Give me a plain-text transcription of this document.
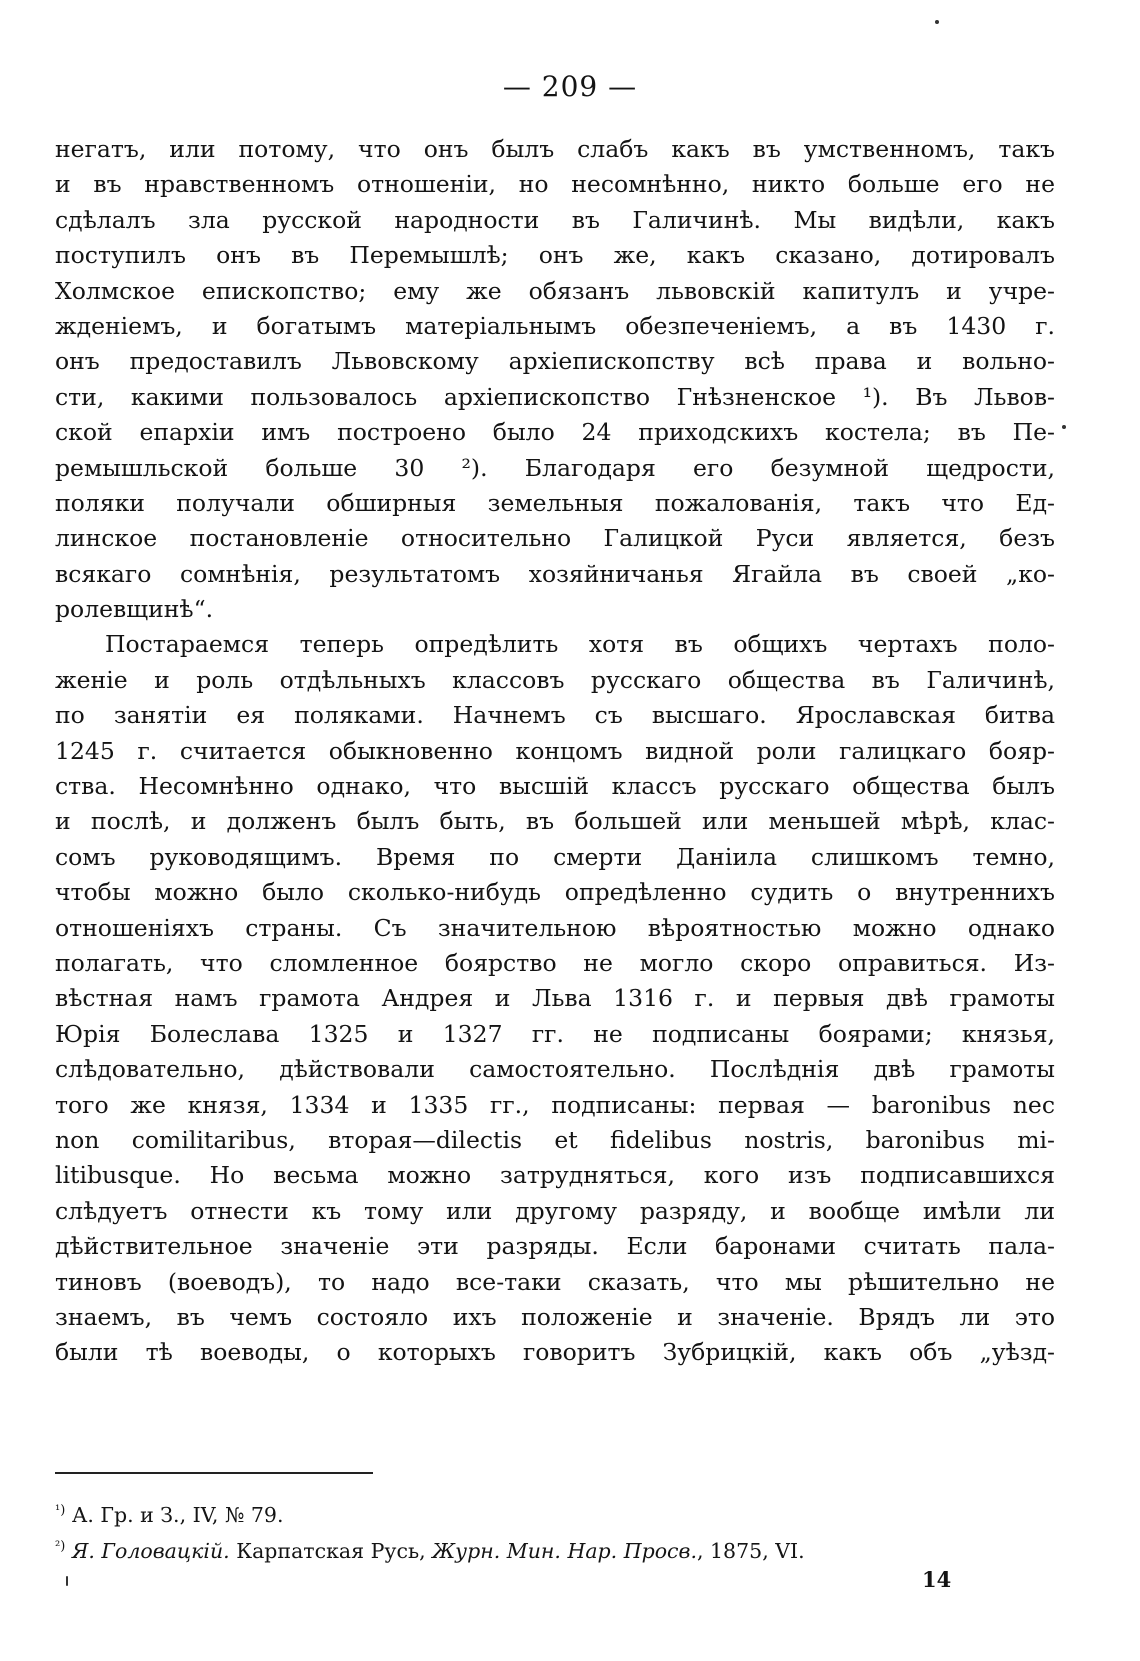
— 209 —

негатъ, или потому, что онъ былъ слабъ какъ въ умственномъ, такъ
и въ нравственномъ отношеніи, но несомнѣнно, никто больше его не
сдѣлалъ зла русской народности въ Галичинѣ. Мы видѣли, какъ
поступилъ онъ въ Перемышлѣ; онъ же, какъ сказано, дотировалъ
Холмское епископство; ему же обязанъ львовскій капитулъ и учре-
жденіемъ, и богатымъ матеріальнымъ обезпеченіемъ, а въ 1430 г.
онъ предоставилъ Львовскому архіепископству всѣ права и вольно-
сти, какими пользовалось архіепископство Гнѣзненское ¹). Въ Львов-
ской епархіи имъ построено было 24 приходскихъ костела; въ Пе-
ремышльской больше 30 ²). Благодаря его безумной щедрости,
поляки получали обширныя земельныя пожалованія, такъ что Ед-
линское постановленіе относительно Галицкой Руси является, безъ
всякаго сомнѣнія, результатомъ хозяйничанья Ягайла въ своей „ко-
ролевщинѣ“.

Постараемся теперь опредѣлить хотя въ общихъ чертахъ поло-
женіе и роль отдѣльныхъ классовъ русскаго общества въ Галичинѣ,
по занятіи ея поляками. Начнемъ съ высшаго. Ярославская битва
1245 г. считается обыкновенно концомъ видной роли галицкаго бояр-
ства. Несомнѣнно однако, что высшій классъ русскаго общества былъ
и послѣ, и долженъ былъ быть, въ большей или меньшей мѣрѣ, клас-
сомъ руководящимъ. Время по смерти Даніила слишкомъ темно,
чтобы можно было сколько-нибудь опредѣленно судить о внутреннихъ
отношеніяхъ страны. Съ значительною вѣроятностью можно однако
полагать, что сломленное боярство не могло скоро оправиться. Из-
вѣстная намъ грамота Андрея и Льва 1316 г. и первыя двѣ грамоты
Юрія Болеслава 1325 и 1327 гг. не подписаны боярами; князья,
слѣдовательно, дѣйствовали самостоятельно. Послѣднія двѣ грамоты
того же князя, 1334 и 1335 гг., подписаны: первая — baronibus nec
non comilitaribus, вторая—dilectis et fidelibus nostris, baronibus mi-
litibusque. Но весьма можно затрудняться, кого изъ подписавшихся
слѣдуетъ отнести къ тому или другому разряду, и вообще имѣли ли
дѣйствительное значеніе эти разряды. Если баронами считать пала-
тиновъ (воеводъ), то надо все-таки сказать, что мы рѣшительно не
знаемъ, въ чемъ состояло ихъ положеніе и значеніе. Врядъ ли это
были тѣ воеводы, о которыхъ говоритъ Зубрицкій, какъ объ „уѣзд-

$^{^1)}$ А. Гр. и З., IV, № 79.
$^{^2)}$ Я. Головацкій. Карпатская Русь, Журн. Мин. Нар. Просв., 1875, VI.
14
